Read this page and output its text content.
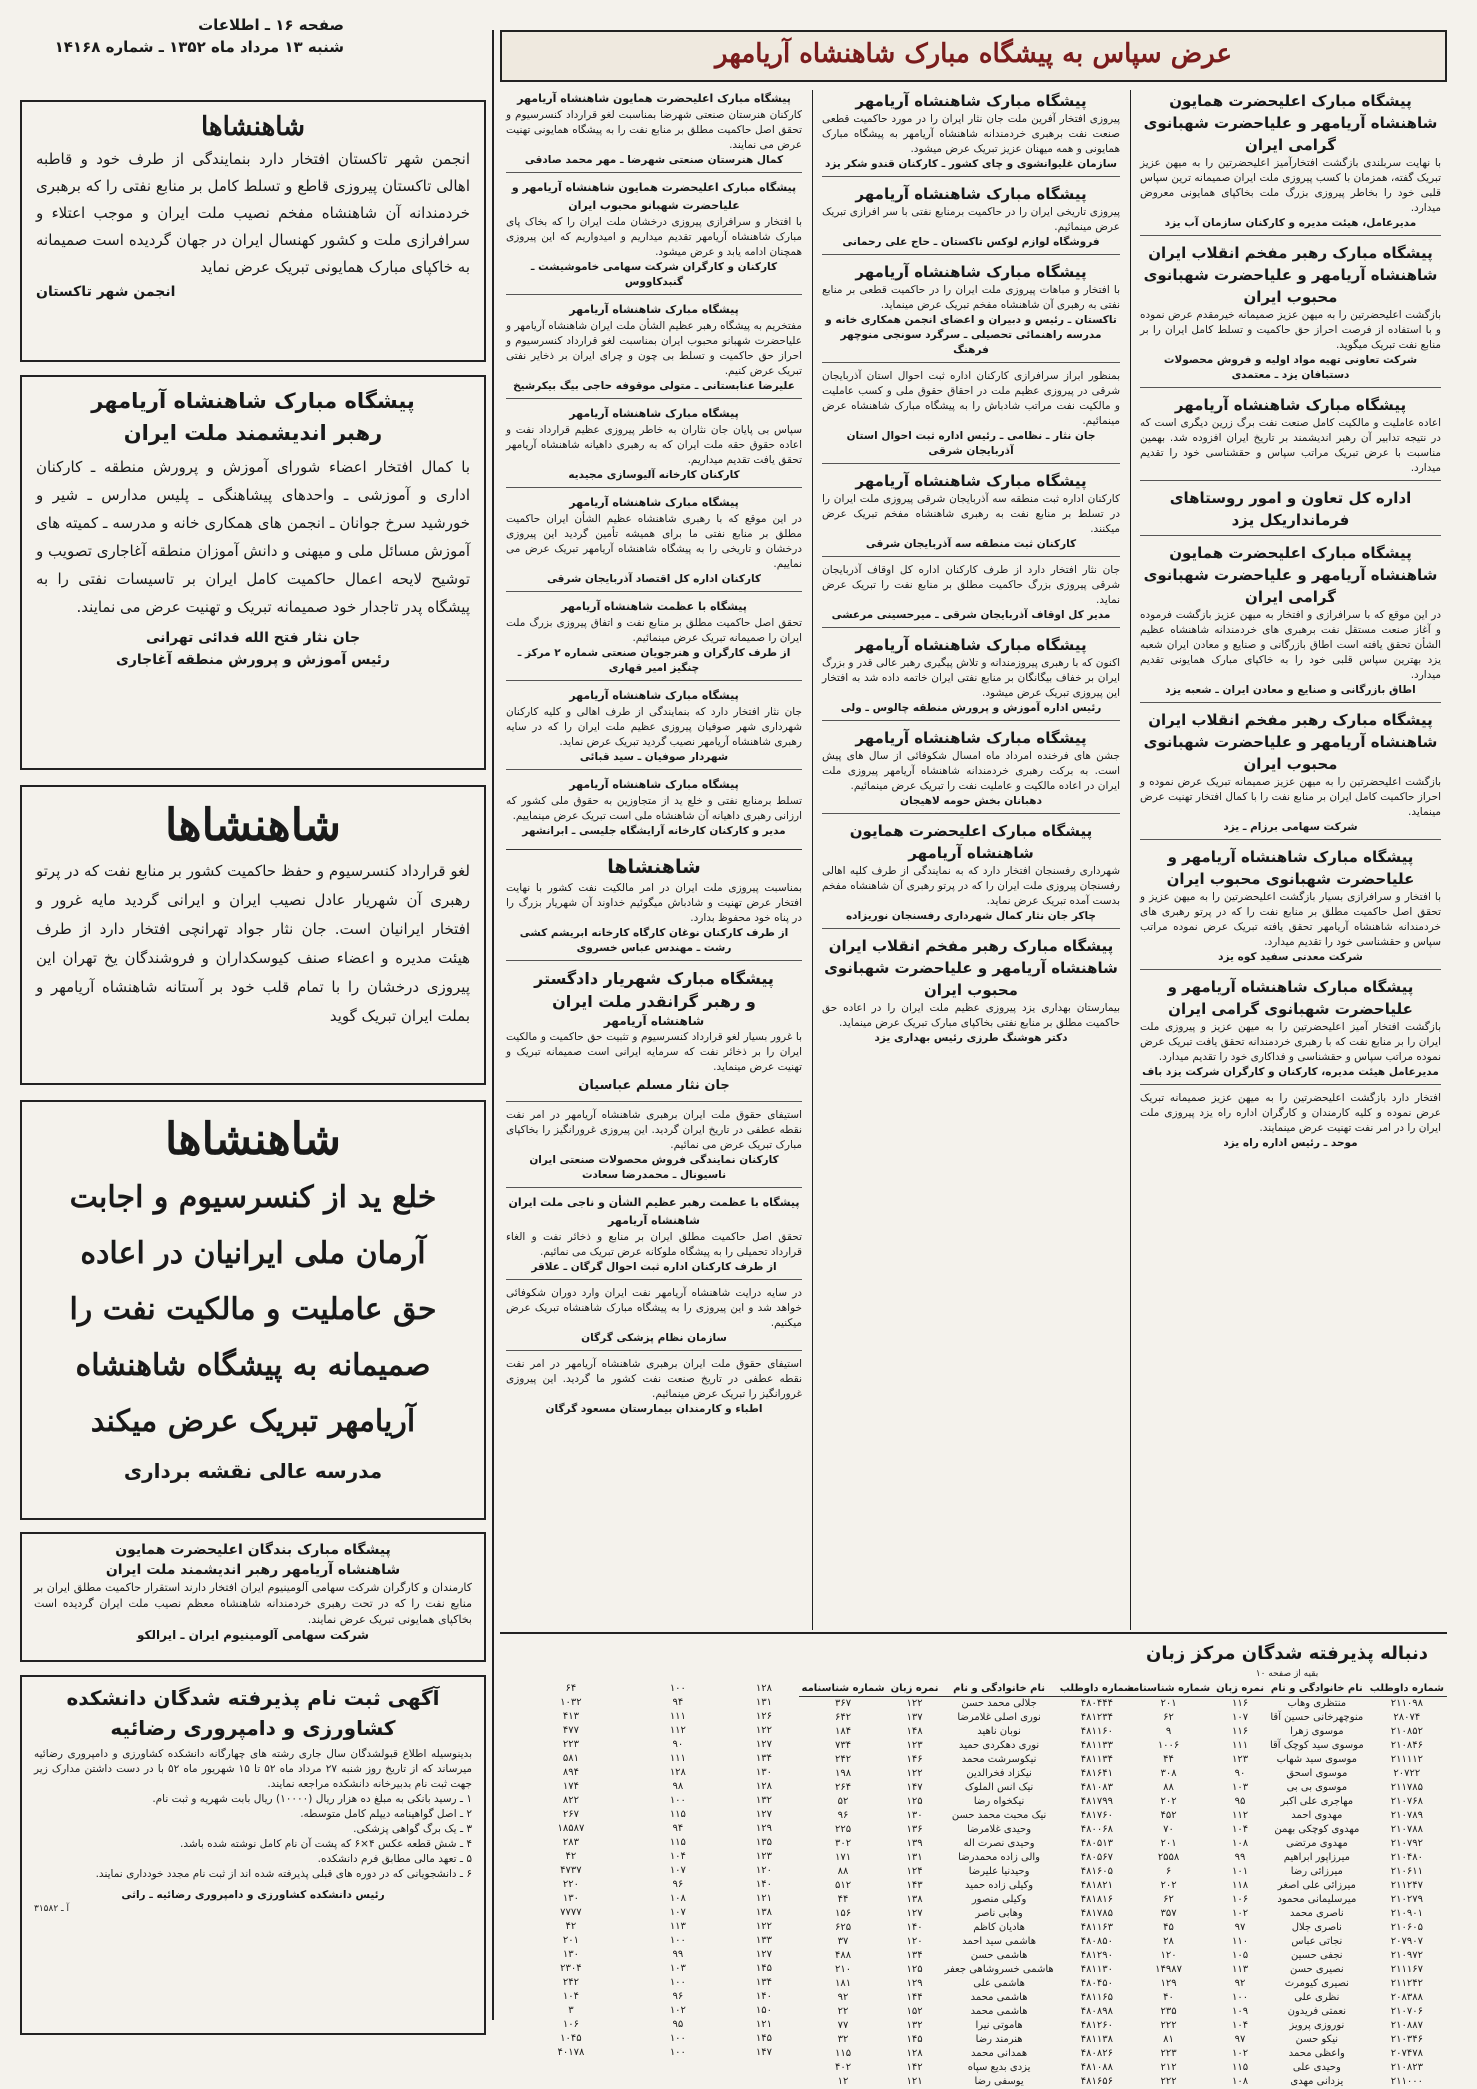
صفحه ۱۶ ـ اطلاعات
شنبه ۱۳ مرداد ماه ۱۳۵۲ ـ شماره ۱۴۱۶۸	عرض سپاس به پیشگاه مبارک شاهنشاه آریامهر
شاهنشاها

انجمن شهر تاکستان افتخار دارد بنمایندگی از طرف خود و قاطبه اهالی تاکستان پیروزی قاطع و تسلط کامل بر منابع نفتی را که برهبری خردمندانه آن شاهنشاه مفخم نصیب ملت ایران و موجب اعتلاء و سرافرازی ملت و کشور کهنسال ایران در جهان گردیده است صمیمانه به خاکپای مبارک همایونی تبریک عرض نماید

انجمن شهر تاکستان
پیشگاه مبارک شاهنشاه آریامهر
رهبر اندیشمند ملت ایران

با کمال افتخار اعضاء شورای آموزش و پرورش منطقه ـ کارکنان اداری و آموزشی ـ واحدهای پیشاهنگی ـ پلیس مدارس ـ شیر و خورشید سرخ جوانان ـ انجمن های همکاری خانه و مدرسه ـ کمیته های آموزش مسائل ملی و میهنی و دانش آموزان منطقه آغاجاری تصویب و توشیح لایحه اعمال حاکمیت کامل ایران بر تاسیسات نفتی را به پیشگاه پدر تاجدار خود صمیمانه تبریک و تهنیت عرض می نمایند.

جان نثار فتح الله فدائی تهرانی
رئیس آموزش و پرورش منطقه آغاجاری
شاهنشاها

لغو قرارداد کنسرسیوم و حفظ حاکمیت کشور بر منابع نفت که در پرتو رهبری آن شهریار عادل نصیب ایران و ایرانی گردید مایه غرور و افتخار ایرانیان است. جان نثار جواد تهرانچی افتخار دارد از طرف هیئت مدیره و اعضاء صنف کیوسکداران و فروشندگان یخ تهران این پیروزی درخشان را با تمام قلب خود بر آستانه شاهنشاه آریامهر و بملت ایران تبریک گوید

شاهنشاها
خلع ید از کنسرسیوم و اجابت
آرمان ملی ایرانیان در اعاده
حق عاملیت و مالکیت نفت را
صمیمانه به پیشگاه شاهنشاه
آریامهر تبریک عرض میکند
مدرسه عالی نقشه برداری
پیشگاه مبارک بندگان اعلیحضرت همایون
شاهنشاه آریامهر رهبر اندیشمند ملت ایران

کارمندان و کارگران شرکت سهامی آلومینیوم ایران افتخار دارند استقرار حاکمیت مطلق ایران بر منابع نفت را که در تحت رهبری خردمندانه شاهنشاه معظم نصیب ملت ایران گردیده است بخاکپای همایونی تبریک عرض نمایند.

شرکت سهامی آلومینیوم ایران ـ ایرالکو
آگهی ثبت نام پذیرفته شدگان دانشکده
کشاورزی و دامپروری رضائیه

بدینوسیله اطلاع قبولشدگان سال جاری رشته های چهارگانه دانشکده کشاورزی و دامپروری رضائیه میرساند که از تاریخ روز شنبه ۲۷ مرداد ماه ۵۲ تا ۱۵ شهریور ماه ۵۲ با در دست داشتن مدارک زیر جهت ثبت نام بدبیرخانه دانشکده مراجعه نمایند.

۱ ـ رسید بانکی به مبلغ ده هزار ریال (۱۰۰۰۰) ریال بابت شهریه و ثبت نام.

۲ ـ اصل گواهینامه دیپلم کامل متوسطه.

۳ ـ یک برگ گواهی پزشکی.

۴ ـ شش قطعه عکس ۴×۶ که پشت آن نام کامل نوشته شده باشد.

۵ ـ تعهد مالی مطابق فرم دانشکده.

۶ ـ دانشجویانی که در دوره های قبلی پذیرفته شده اند از ثبت نام مجدد خودداری نمایند.

رئیس دانشکده کشاورزی و دامپروری رضائیه ـ راثی
آ ـ ۳۱۵۸۲
پیشگاه مبارک اعلیحضرت همایون شاهنشاه آریامهر

کارکنان هنرستان صنعتی شهرضا بمناسبت لغو قرارداد کنسرسیوم و تحقق اصل حاکمیت مطلق بر منابع نفت را به پیشگاه همایونی تهنیت عرض می نمایند.

کمال هنرستان صنعتی شهرضا ـ مهر محمد صادقی
پیشگاه مبارک اعلیحضرت همایون شاهنشاه آریامهر و علیاحضرت شهبانو محبوب ایران

با افتخار و سرافرازی پیروزی درخشان ملت ایران را که بخاک پای مبارک شاهنشاه آریامهر تقدیم میداریم و امیدواریم که این پیروزی همچنان ادامه یابد و عرض میشود.

کارکنان و کارگران شرکت سهامی خاموشیشت ـ گنبدکاووس
پیشگاه مبارک شاهنشاه آریامهر

مفتخریم به پیشگاه رهبر عظیم الشأن ملت ایران شاهنشاه آریامهر و علیاحضرت شهبانو محبوب ایران بمناسبت لغو قرارداد کنسرسیوم و احراز حق حاکمیت و تسلط بی چون و چرای ایران بر ذخایر نفتی تبریک عرض کنیم.

علیرضا عنابستانی ـ متولی موقوفه حاجی بیگ بیکرشیخ
پیشگاه مبارک شاهنشاه آریامهر

سپاس بی پایان جان نثاران به خاطر پیروزی عظیم قرارداد نفت و اعاده حقوق حقه ملت ایران که به رهبری داهیانه شاهنشاه آریامهر تحقق یافت تقدیم میداریم.

کارکنان کارخانه آلیوسازی مجیدیه
پیشگاه مبارک شاهنشاه آریامهر

در این موقع که با رهبری شاهنشاه عظیم الشأن ایران حاکمیت مطلق بر منابع نفتی ما برای همیشه تأمین گردید این پیروزی درخشان و تاریخی را به پیشگاه شاهنشاه آریامهر تبریک عرض می نماییم.

کارکنان اداره کل اقتصاد آذربایجان شرقی
پیشگاه با عظمت شاهنشاه آریامهر

تحقق اصل حاکمیت مطلق بر منابع نفت و اتفاق پیروزی بزرگ ملت ایران را صمیمانه تبریک عرض مینمائیم.

از طرف کارگران و هنرجویان صنعتی شماره ۲ مرکز ـ چنگیز امیر قهاری
پیشگاه مبارک شاهنشاه آریامهر

جان نثار افتخار دارد که بنمایندگی از طرف اهالی و کلیه کارکنان شهرداری شهر صوفیان پیروزی عظیم ملت ایران را که در سایه رهبری شاهنشاه آریامهر نصیب گردید تبریک عرض نماید.

شهردار صوفیان ـ سید قبائی
پیشگاه مبارک شاهنشاه آریامهر

تسلط برمنابع نفتی و خلع ید از متجاوزین به حقوق ملی کشور که ارزانی رهبری داهیانه آن شاهنشاه ملی است تبریک عرض مینماییم.

مدیر و کارکنان کارخانه آرایشگاه جلیسی ـ ابرانشهر
شاهنشاها

بمناسبت پیروزی ملت ایران در امر مالکیت نفت کشور با نهایت افتخار عرض تهنیت و شادباش میگوئیم خداوند آن شهریار بزرگ را در پناه خود محفوظ بدارد.

از طرف کارکنان نوغان کارگاه کارخانه ابریشم کشی رشت ـ مهندس عباس خسروی
پیشگاه مبارک شهریار دادگستر
و رهبر گرانقدر ملت ایران
شاهنشاه آریامهر

با غرور بسیار لغو قرارداد کنسرسیوم و تثبیت حق حاکمیت و مالکیت ایران را بر ذخائر نفت که سرمایه ایرانی است صمیمانه تبریک و تهنیت عرض مینماید.

جان نثار مسلم عباسیان

استیفای حقوق ملت ایران برهبری شاهنشاه آریامهر در امر نفت نقطه عطفی در تاریخ ایران گردید. این پیروزی غرورانگیز را بخاکپای مبارک تبریک عرض می نمائیم.

کارکنان نمایندگی فروش محصولات صنعتی ایران ناسیونال ـ محمدرضا سعادت
پیشگاه با عظمت رهبر عظیم الشأن و ناجی ملت ایران شاهنشاه آریامهر

تحقق اصل حاکمیت مطلق ایران بر منابع و ذخائر نفت و الغاء قرارداد تحمیلی را به پیشگاه ملوکانه عرض تبریک می نمائیم.

از طرف کارکنان اداره ثبت احوال گرگان ـ علاقر

در سایه درایت شاهنشاه آریامهر نفت ایران وارد دوران شکوفائی خواهد شد و این پیروزی را به پیشگاه مبارک شاهنشاه تبریک عرض میکنیم.

سازمان نظام پزشکی گرگان

استیفای حقوق ملت ایران برهبری شاهنشاه آریامهر در امر نفت نقطه عطفی در تاریخ صنعت نفت کشور ما گردید. این پیروزی غرورانگیز را تبریک عرض مینمائیم.

اطباء و کارمندان بیمارستان مسعود گرگان
پیشگاه مبارک شاهنشاه آریامهر

پیروزی افتخار آفرین ملت جان نثار ایران را در مورد حاکمیت قطعی صنعت نفت برهبری خردمندانه شاهنشاه آریامهر به پیشگاه مبارک همایونی و همه میهنان عزیز تبریک عرض میشود.

سازمان غلیوانشوی و چای کشور ـ کارکنان قندو شکر یزد
پیشگاه مبارک شاهنشاه آریامهر

پیروزی تاریخی ایران را در حاکمیت برمنابع نفتی با سر افرازی تبریک عرض مینمائیم.

فروشگاه لوازم لوکس تاکستان ـ حاج علی رحمانی
پیشگاه مبارک شاهنشاه آریامهر

با افتخار و مباهات پیروزی ملت ایران را در حاکمیت قطعی بر منابع نفتی به رهبری آن شاهنشاه مفخم تبریک عرض مینماید.

تاکستان ـ رئیس و دبیران و اعضای انجمن همکاری خانه و مدرسه راهنمائی تحصیلی ـ سرگرد سونجی منوچهر فرهنگ

بمنظور ابراز سرافرازی کارکنان اداره ثبت احوال استان آذربایجان شرقی در پیروزی عظیم ملت در احقاق حقوق ملی و کسب عاملیت و مالکیت نفت مراتب شادباش را به پیشگاه مبارک شاهنشاه عرض مینمائیم.

جان نثار ـ نظامی ـ رئیس اداره ثبت احوال استان آذربایجان شرقی
پیشگاه مبارک شاهنشاه آریامهر

کارکنان اداره ثبت منطقه سه آذربایجان شرقی پیروزی ملت ایران را در تسلط بر منابع نفت به رهبری شاهنشاه مفخم تبریک عرض میکنند.

کارکنان ثبت منطقه سه آذربایجان شرقی

جان نثار افتخار دارد از طرف کارکنان اداره کل اوقاف آذربایجان شرقی پیروزی بزرگ حاکمیت مطلق بر منابع نفت را تبریک عرض نماید.

مدیر کل اوقاف آذربایجان شرقی ـ میرحسینی مرعشی
پیشگاه مبارک شاهنشاه آریامهر

اکنون که با رهبری پیروزمندانه و تلاش پیگیری رهبر عالی قدر و بزرگ ایران بر خفاف بیگانگان بر منابع نفتی ایران خاتمه داده شد به افتخار این پیروزی تبریک عرض میشود.

رئیس اداره آموزش و پرورش منطقه چالوس ـ ولی
پیشگاه مبارک شاهنشاه آریامهر

جشن های فرخنده امرداد ماه امسال شکوفائی از سال های پیش است. به برکت رهبری خردمندانه شاهنشاه آریامهر پیروزی ملت ایران در اعاده مالکیت و عاملیت نفت را تبریک عرض مینمائیم.

دهبانان بخش حومه لاهیجان
پیشگاه مبارک اعلیحضرت همایون شاهنشاه آریامهر

شهرداری رفسنجان افتخار دارد که به نمایندگی از طرف کلیه اهالی رفسنجان پیروزی ملت ایران را که در پرتو رهبری آن شاهنشاه مفخم بدست آمده تبریک عرض نماید.

چاکر جان نثار کمال شهرداری رفسنجان نوریزاده
پیشگاه مبارک رهبر مفخم انقلاب ایران شاهنشاه آریامهر و علیاحضرت شهبانوی محبوب ایران

بیمارستان بهداری یزد پیروزی عظیم ملت ایران را در اعاده حق حاکمیت مطلق بر منابع نفتی بخاکپای مبارک تبریک عرض مینماید.

دکتر هوشنگ طرزی رئیس بهداری یزد
پیشگاه مبارک اعلیحضرت همایون شاهنشاه آریامهر و علیاحضرت شهبانوی گرامی ایران

با نهایت سربلندی بازگشت افتخارآمیز اعلیحضرتین را به میهن عزیز تبریک گفته، همزمان با کسب پیروزی ملت ایران صمیمانه ترین سپاس قلبی خود را بخاطر پیروزی بزرگ ملت بخاکپای همایونی معروض میدارد.

مدیرعامل، هیئت مدیره و کارکنان سازمان آب یزد
پیشگاه مبارک رهبر مفخم انقلاب ایران شاهنشاه آریامهر و علیاحضرت شهبانوی محبوب ایران

بازگشت اعلیحضرتین را به میهن عزیز صمیمانه خیرمقدم عرض نموده و با استفاده از فرصت احراز حق حاکمیت و تسلط کامل ایران را بر منابع نفت تبریک میگوید.

شرکت تعاونی تهیه مواد اولیه و فروش محصولات دستبافان یزد ـ معتمدی
پیشگاه مبارک شاهنشاه آریامهر

اعاده عاملیت و مالکیت کامل صنعت نفت برگ زرین دیگری است که در نتیجه تدابیر آن رهبر اندیشمند بر تاریخ ایران افزوده شد. بهمین مناسبت با عرض تبریک مراتب سپاس و حقشناسی خود را تقدیم میدارد.

اداره کل تعاون و امور روستاهای فرمانداریکل یزد
پیشگاه مبارک اعلیحضرت همایون شاهنشاه آریامهر و علیاحضرت شهبانوی گرامی ایران

در این موقع که با سرافرازی و افتخار به میهن عزیز بازگشت فرموده و آغاز صنعت مستقل نفت برهبری های خردمندانه شاهنشاه عظیم الشأن تحقق یافته است اطاق بازرگانی و صنایع و معادن ایران شعبه یزد بهترین سپاس قلبی خود را به خاکپای مبارک همایونی تقدیم میدارد.

اطاق بازرگانی و صنایع و معادن ایران ـ شعبه یزد
پیشگاه مبارک رهبر مفخم انقلاب ایران شاهنشاه آریامهر و علیاحضرت شهبانوی محبوب ایران

بازگشت اعلیحضرتین را به میهن عزیز صمیمانه تبریک عرض نموده و احراز حاکمیت کامل ایران بر منابع نفت را با کمال افتخار تهنیت عرض مینماید.

شرکت سهامی برزام ـ یزد
پیشگاه مبارک شاهنشاه آریامهر و علیاحضرت شهبانوی محبوب ایران

با افتخار و سرافرازی بسیار بازگشت اعلیحضرتین را به میهن عزیز و تحقق اصل حاکمیت مطلق بر منابع نفت را که در پرتو رهبری های خردمندانه شاهنشاه آریامهر تحقق یافته تبریک عرض نموده مراتب سپاس و حقشناسی خود را تقدیم میدارد.

شرکت معدنی سفید کوه یزد
پیشگاه مبارک شاهنشاه آریامهر و علیاحضرت شهبانوی گرامی ایران

بازگشت افتخار آمیز اعلیحضرتین را به میهن عزیز و پیروزی ملت ایران را بر منابع نفت که با رهبری خردمندانه تحقق یافت تبریک عرض نموده مراتب سپاس و حقشناسی و فداکاری خود را تقدیم میدارد.

مدیرعامل هیئت مدیره، کارکنان و کارگران شرکت یزد باف

افتخار دارد بازگشت اعلیحضرتین را به میهن عزیز صمیمانه تبریک عرض نموده و کلیه کارمندان و کارگران اداره راه یزد پیروزی ملت ایران را در امر نفت تهنیت عرض مینمایند.

موحد ـ رئیس اداره راه یزد
دنباله پذیرفته شدگان مرکز زبان
بقیه از صفحه ۱۰
شماره داوطلب	نام خانوادگی و نام	نمره زبان	شماره شناسنامه
۲۱۱۰۹۸	منتظری وهاب	۱۱۶	۲۰۱
۲۸۰۷۴	منوچهرخانی حسین آقا	۱۰۷	۶۲
۲۱۰۸۵۲	موسوی زهرا	۱۱۶	۹
۲۱۰۸۴۶	موسوی سید کوچک آقا	۱۱۱	۱۰۰۶
۲۱۱۱۱۲	موسوی سید شهاب	۱۲۳	۴۴
۲۰۷۲۲	موسوی اسحق	۹۰	۳۰۸
۲۱۱۷۸۵	موسوی بی بی	۱۰۳	۸۸
۲۱۰۷۶۸	مهاجری علی اکبر	۹۵	۲۰۲
۲۱۰۷۸۹	مهدوی احمد	۱۱۲	۴۵۲
۲۱۰۷۸۸	مهدوی کوچکی بهمن	۱۰۴	۷۰
۲۱۰۷۹۲	مهدوی مرتضی	۱۰۸	۲۰۱
۲۱۰۴۸۰	میرزاپور ابراهیم	۹۹	۲۵۵۸
۲۱۰۶۱۱	میرزائی رضا	۱۰۱	۶
۲۱۱۲۴۷	میرزائی علی اصغر	۱۱۸	۲۰۲
۲۱۰۲۷۹	میرسلیمانی محمود	۱۰۶	۶۲
۲۱۰۹۰۱	ناصری محمد	۱۰۲	۳۵۷
۲۱۰۶۰۵	ناصری جلال	۹۷	۴۵
۲۰۷۹۰۷	نجاتی عباس	۱۱۰	۲۸
۲۱۰۹۷۲	نجفی حسین	۱۰۵	۱۲۰
۲۱۱۱۶۷	نصیری حسن	۱۱۳	۱۴۹۸۷
۲۱۱۲۴۲	نصیری کیومرث	۹۲	۱۲۹
۲۰۸۳۸۸	نظری علی	۱۰۰	۴۰
۲۱۰۷۰۶	نعمتی فریدون	۱۰۹	۲۳۵
۲۱۰۸۸۷	نوروزی پرویز	۱۰۴	۲۲۲
۲۱۰۳۴۶	نیکو حسن	۹۷	۸۱
۲۰۷۴۷۸	واعظی محمد	۱۰۲	۲۲۳
۲۱۰۸۲۳	وحیدی علی	۱۱۵	۲۱۲
۲۱۱۰۰۰	یزدانی مهدی	۱۰۸	۲۲۲
شماره داوطلب	نام خانوادگی و نام	نمره زبان	شماره شناسنامه
۴۸۰۴۴۴	جلالی محمد حسن	۱۲۲	۳۶۷
۴۸۱۲۳۴	نوری اصلی غلامرضا	۱۳۷	۶۴۲
۴۸۱۱۶۰	نوبان ناهید	۱۴۸	۱۸۴
۴۸۱۱۳۳	نوری دهکردی حمید	۱۲۳	۷۳۴
۴۸۱۱۳۴	نیکوسرشت محمد	۱۴۶	۲۴۲
۴۸۱۶۴۱	نیکزاد فخرالدین	۱۲۲	۱۹۸
۴۸۱۰۸۳	نیک انس الملوک	۱۴۷	۲۶۴
۴۸۱۷۹۹	نیکخواه رضا	۱۲۵	۵۲
۴۸۱۷۶۰	نیک محبت محمد حسن	۱۳۰	۹۶
۴۸۰۰۶۸	وحیدی غلامرضا	۱۳۶	۲۲۵
۴۸۰۵۱۳	وحیدی نصرت اله	۱۳۹	۳۰۲
۴۸۰۵۶۷	والی زاده محمدرضا	۱۳۱	۱۷۱
۴۸۱۶۰۵	وحیدنیا علیرضا	۱۲۴	۸۸
۴۸۱۸۲۱	وکیلی زاده حمید	۱۴۳	۵۱۲
۴۸۱۸۱۶	وکیلی منصور	۱۳۸	۴۴
۴۸۱۷۸۵	وهابی ناصر	۱۲۷	۱۵۶
۴۸۱۱۶۳	هادیان کاظم	۱۴۰	۶۲۵
۴۸۰۸۵۰	هاشمی سید احمد	۱۲۰	۳۷
۴۸۱۲۹۰	هاشمی حسن	۱۳۴	۴۸۸
۴۸۱۱۳۰	هاشمی خسروشاهی جعفر	۱۲۵	۲۱۰
۴۸۰۴۵۰	هاشمی علی	۱۲۹	۱۸۱
۴۸۱۱۶۵	هاشمی محمد	۱۴۴	۹۲
۴۸۰۸۹۸	هاشمی محمد	۱۵۲	۲۲
۴۸۱۲۶۰	هاموتی نیرا	۱۳۲	۷۷
۴۸۱۱۳۸	هنرمند رضا	۱۴۵	۳۲
۴۸۰۸۲۶	همدانی محمد	۱۲۸	۱۱۵
۴۸۱۰۸۸	یزدی بدیع سپاه	۱۴۲	۴۰۲
۴۸۱۶۵۶	یوسفی رضا	۱۲۱	۱۲
۱۲۸	۱۰۰	۶۴
۱۳۱	۹۴	۱۰۳۲
۱۲۶	۱۱۱	۴۱۳
۱۲۲	۱۱۲	۴۷۷
۱۲۷	۹۰	۲۲۳
۱۳۴	۱۱۱	۵۸۱
۱۳۰	۱۲۸	۸۹۴
۱۲۸	۹۸	۱۷۴
۱۳۲	۱۰۰	۸۲۲
۱۲۷	۱۱۵	۲۶۷
۱۲۹	۹۴	۱۸۵۸۷
۱۳۵	۱۱۵	۲۸۳
۱۲۳	۱۰۴	۴۲
۱۲۰	۱۰۷	۴۷۳۷
۱۴۰	۹۶	۲۲۰
۱۲۱	۱۰۸	۱۳۰
۱۳۸	۱۰۷	۷۷۷۷
۱۲۲	۱۱۳	۴۲
۱۳۳	۱۰۰	۲۰۱
۱۲۷	۹۹	۱۳۰
۱۴۵	۱۰۳	۲۳۰۴
۱۳۴	۱۰۰	۲۴۲
۱۴۰	۹۶	۱۰۴
۱۵۰	۱۰۲	۳
۱۲۱	۹۵	۱۰۶
۱۴۵	۱۰۰	۱۰۴۵
۱۴۷	۱۰۰	۴۰۱۷۸
